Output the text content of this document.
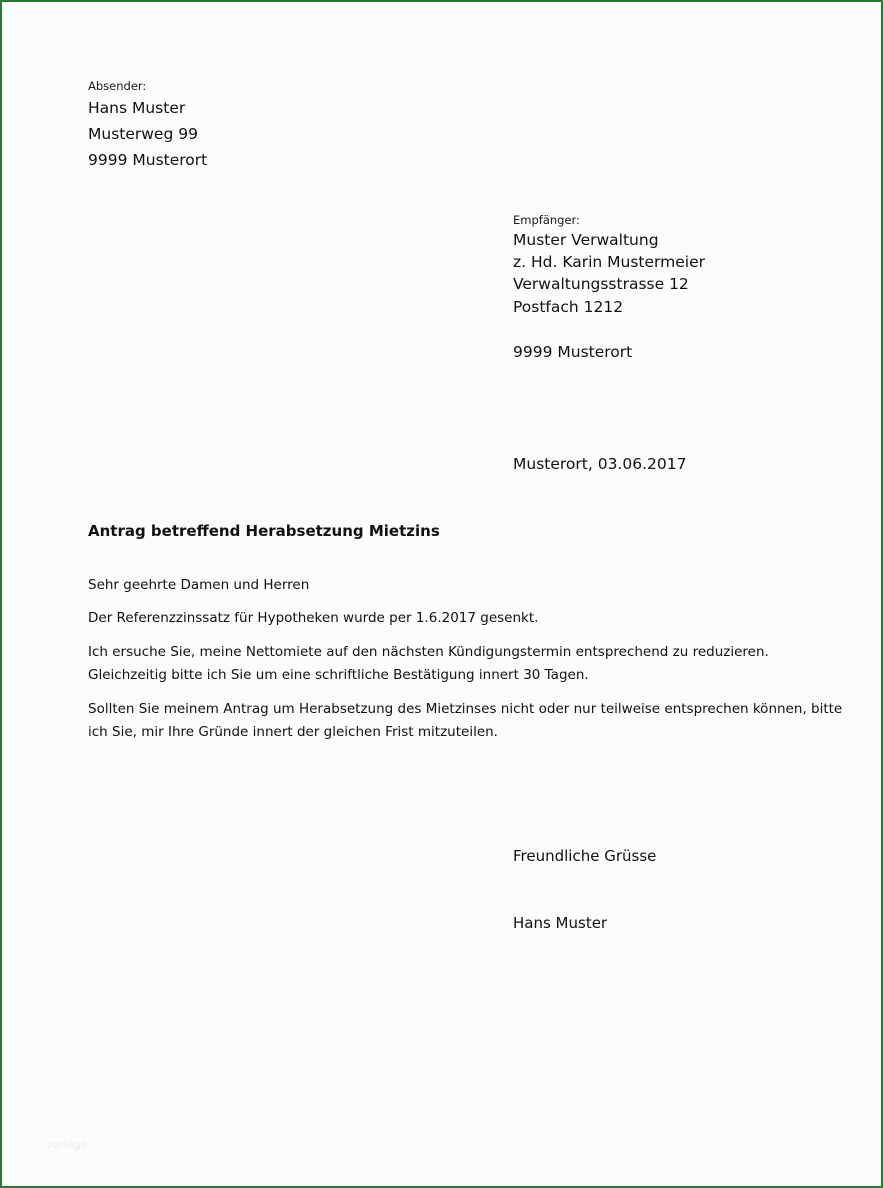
Absender:
Hans Muster
Musterweg 99
9999 Musterort
Empfänger:
Muster Verwaltung
z. Hd. Karin Mustermeier
Verwaltungsstrasse 12
Postfach 1212
9999 Musterort
Musterort, 03.06.2017
Antrag betreffend Herabsetzung Mietzins
Sehr geehrte Damen und Herren
Der Referenzzinssatz für Hypotheken wurde per 1.6.2017 gesenkt.
Ich ersuche Sie, meine Nettomiete auf den nächsten Kündigungstermin entsprechend zu reduzieren.
Gleichzeitig bitte ich Sie um eine schriftliche Bestätigung innert 30 Tagen.
Sollten Sie meinem Antrag um Herabsetzung des Mietzinses nicht oder nur teilweise entsprechen können, bitte
ich Sie, mir Ihre Gründe innert der gleichen Frist mitzuteilen.
Freundliche Grüsse
Hans Muster
vorlage
